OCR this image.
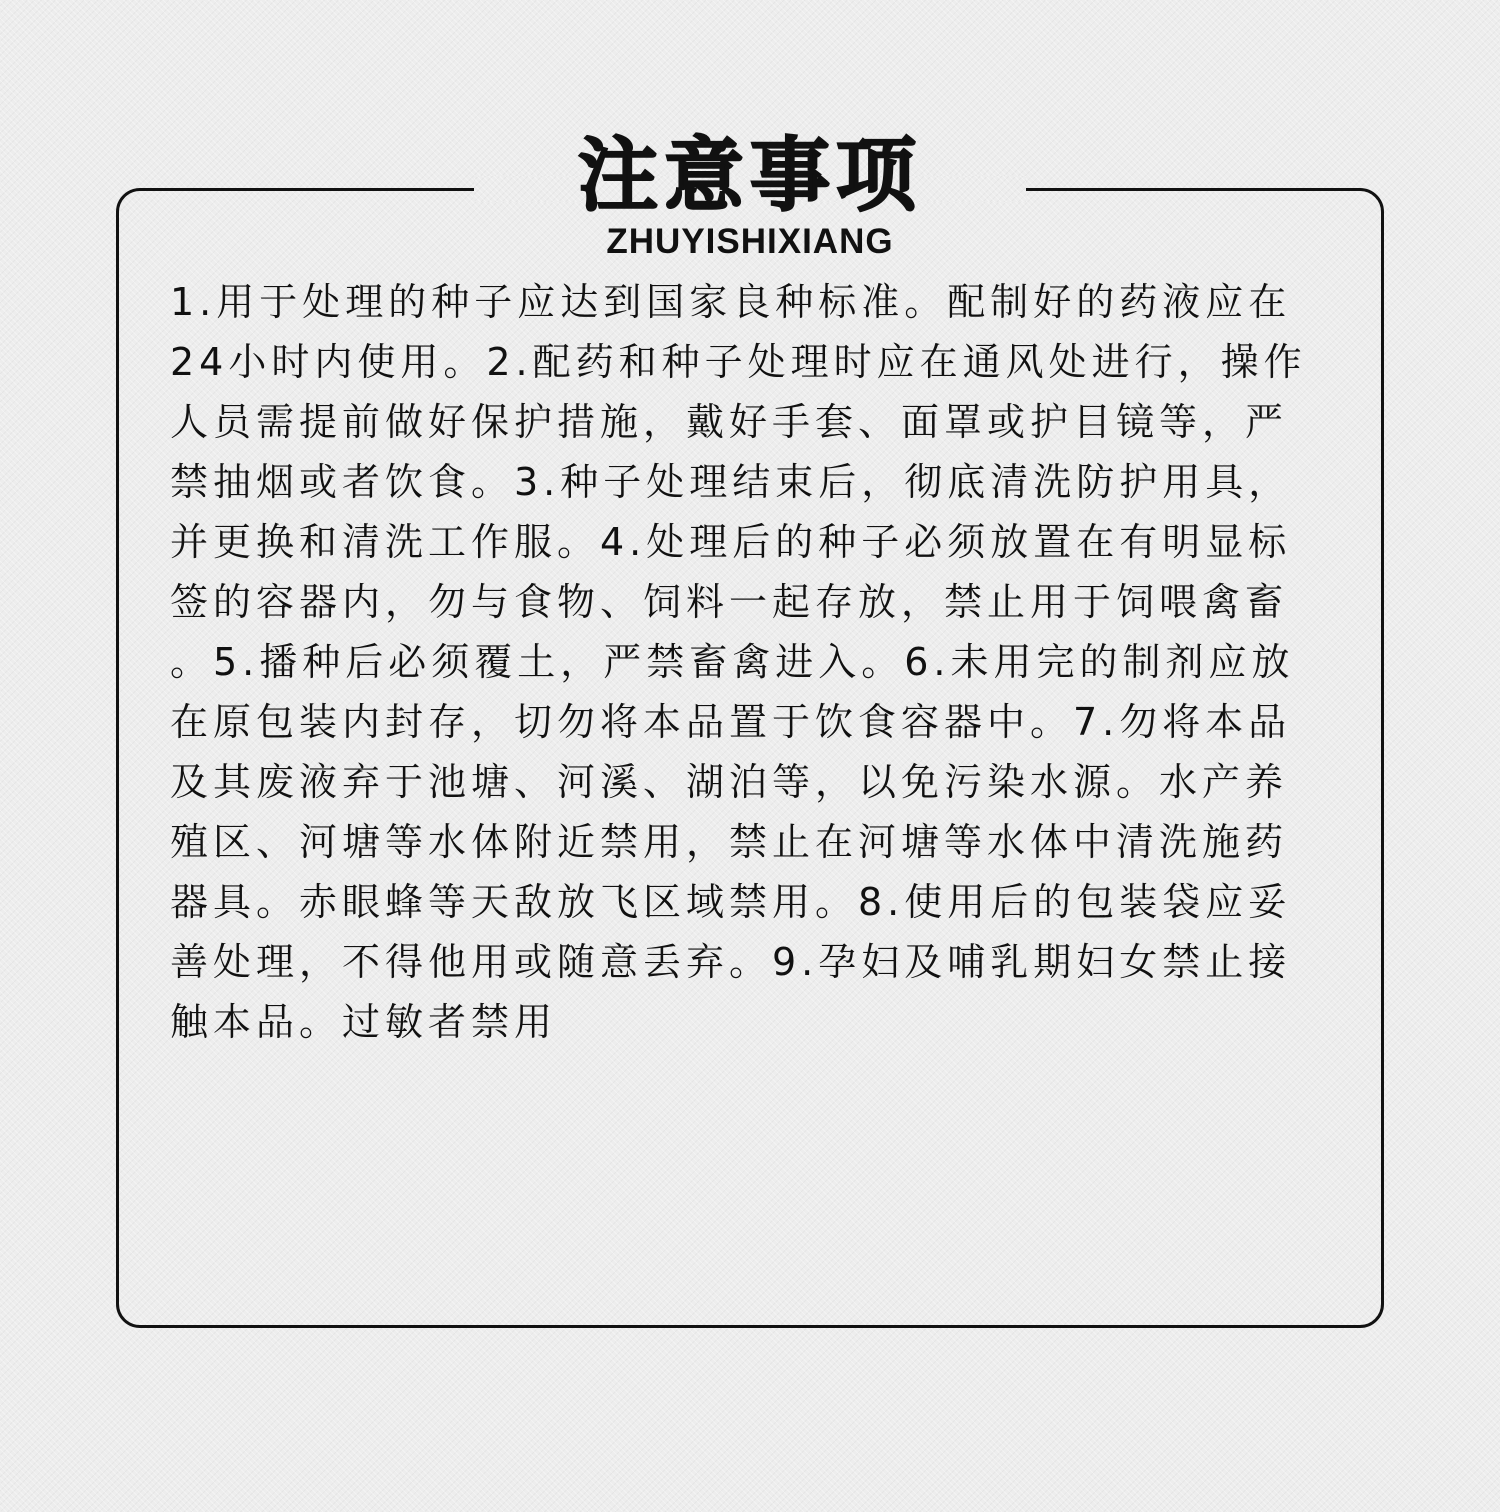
注意事项
ZHUYISHIXIANG
1.用于处理的种子应达到国家良种标准。配制好的药液应在
24小时内使用。2.配药和种子处理时应在通风处进行，操作
人员需提前做好保护措施，戴好手套、面罩或护目镜等，严
禁抽烟或者饮食。3.种子处理结束后，彻底清洗防护用具，
并更换和清洗工作服。4.处理后的种子必须放置在有明显标
签的容器内，勿与食物、饲料一起存放，禁止用于饲喂禽畜
。5.播种后必须覆土，严禁畜禽进入。6.未用完的制剂应放
在原包装内封存，切勿将本品置于饮食容器中。7.勿将本品
及其废液弃于池塘、河溪、湖泊等，以免污染水源。水产养
殖区、河塘等水体附近禁用，禁止在河塘等水体中清洗施药
器具。赤眼蜂等天敌放飞区域禁用。8.使用后的包装袋应妥
善处理，不得他用或随意丢弃。9.孕妇及哺乳期妇女禁止接
触本品。过敏者禁用
